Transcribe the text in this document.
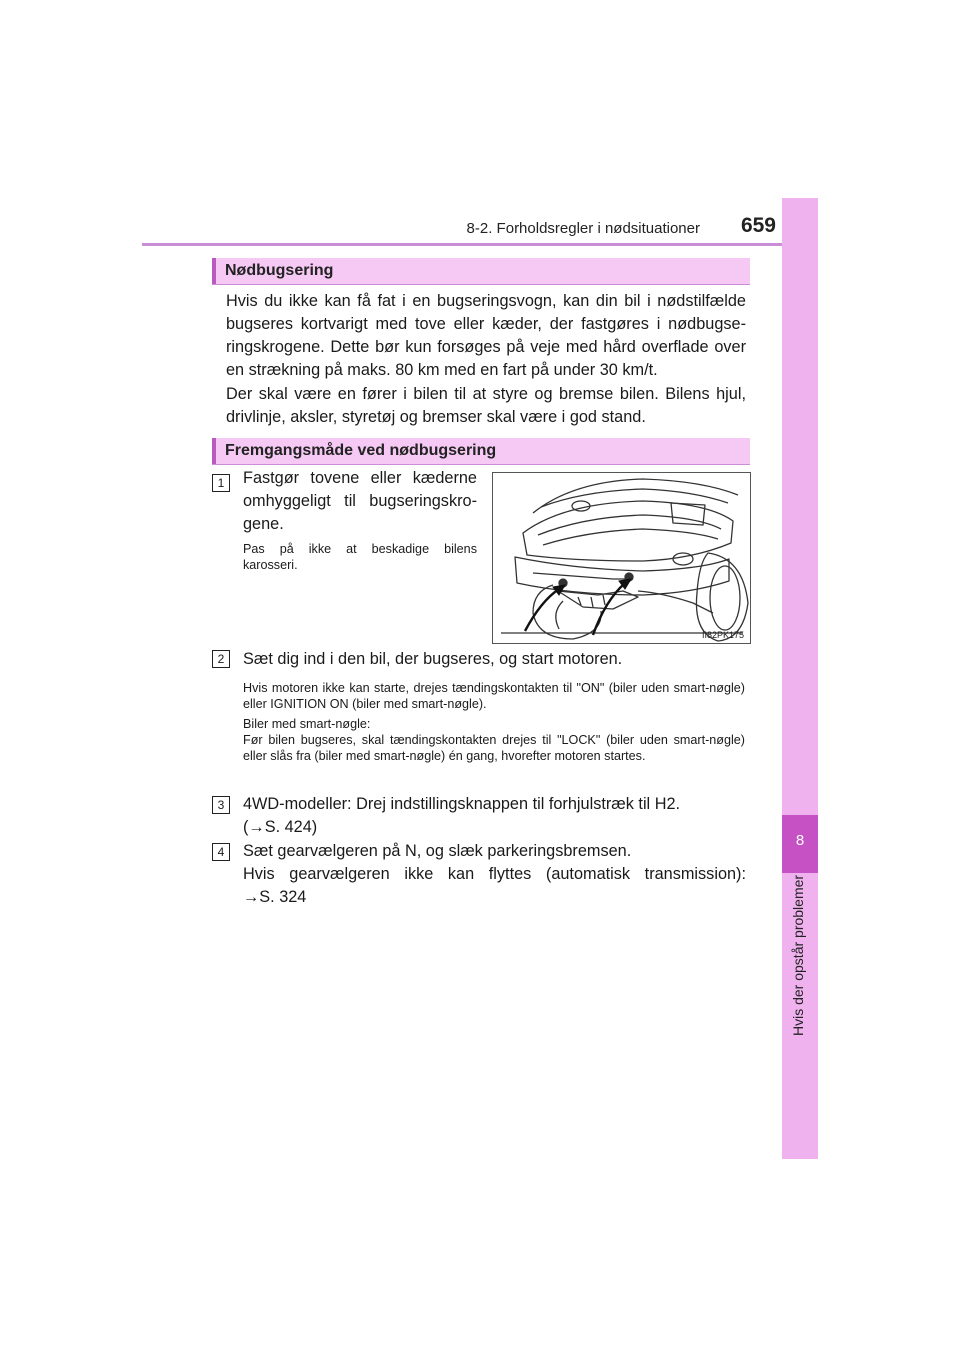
8-2. Forholdsregler i nødsituationer	659
8
Hvis der opstår problemer
Nødbugsering
Hvis du ikke kan få fat i en bugseringsvogn, kan din bil i nødstilfælde bugseres kortvarigt med tove eller kæder, der fastgøres i nødbugse-ringskrogene. Dette bør kun forsøges på veje med hård overflade over en strækning på maks. 80 km med en fart på under 30 km/t.
Der skal være en fører i bilen til at styre og bremse bilen. Bilens hjul, drivlinje, aksler, styretøj og bremser skal være i god stand.
Fremgangsmåde ved nødbugsering
1	Fastgør tovene eller kæderne omhyggeligt til bugseringskro-gene.
Pas på ikke at beskadige bilens karosseri.
II82PK175
2	Sæt dig ind i den bil, der bugseres, og start motoren.
Hvis motoren ikke kan starte, drejes tændingskontakten til "ON" (biler uden smart-nøgle) eller IGNITION ON (biler med smart-nøgle).
Biler med smart-nøgle:
Før bilen bugseres, skal tændingskontakten drejes til "LOCK" (biler uden smart-nøgle) eller slås fra (biler med smart-nøgle) én gang, hvorefter motoren startes.
3	4WD-modeller: Drej indstillingsknappen til forhjulstræk til H2.
(→S. 424)
4	Sæt gearvælgeren på N, og slæk parkeringsbremsen.
Hvis gearvælgeren ikke kan flyttes (automatisk transmission):
→S. 324
